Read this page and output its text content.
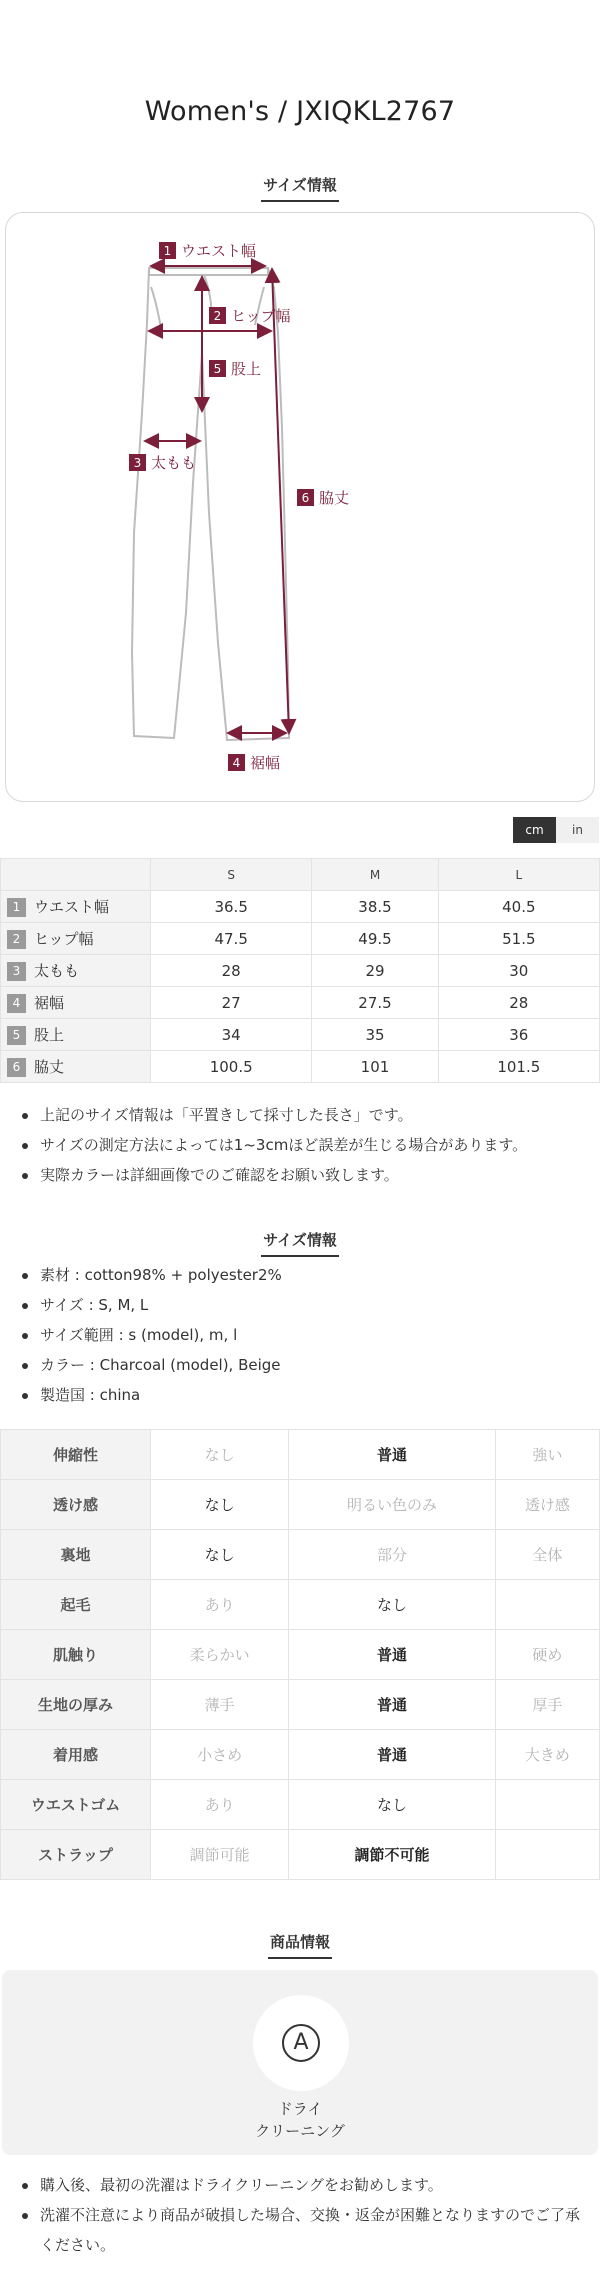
Women's / JXIQKL2767
サイズ情報
1 ウエスト幅
2 ヒップ幅
5 股上
3 太もも
6 脇丈
4 裾幅
cm	in
	S	M	L
1 ウエスト幅	36.5	38.5	40.5
2 ヒップ幅	47.5	49.5	51.5
3 太もも	28	29	30
4 裾幅	27	27.5	28
5 股上	34	35	36
6 脇丈	100.5	101	101.5
上記のサイズ情報は「平置きして採寸した長さ」です。
サイズの測定方法によっては1~3cmほど誤差が生じる場合があります。
実際カラーは詳細画像でのご確認をお願い致します。
サイズ情報
素材 : cotton98% + polyester2%
サイズ : S, M, L
サイズ範囲 : s (model), m, l
カラー : Charcoal (model), Beige
製造国 : china
伸縮性	なし	普通	強い
透け感	なし	明るい色のみ	透け感
裏地	なし	部分	全体
起毛	あり	なし	
肌触り	柔らかい	普通	硬め
生地の厚み	薄手	普通	厚手
着用感	小さめ	普通	大きめ
ウエストゴム	あり	なし	
ストラップ	調節可能	調節不可能	
商品情報
A
ドライ
クリーニング
購入後、最初の洗濯はドライクリーニングをお勧めします。
洗濯不注意により商品が破損した場合、交換・返金が困難となりますのでご了承ください。
